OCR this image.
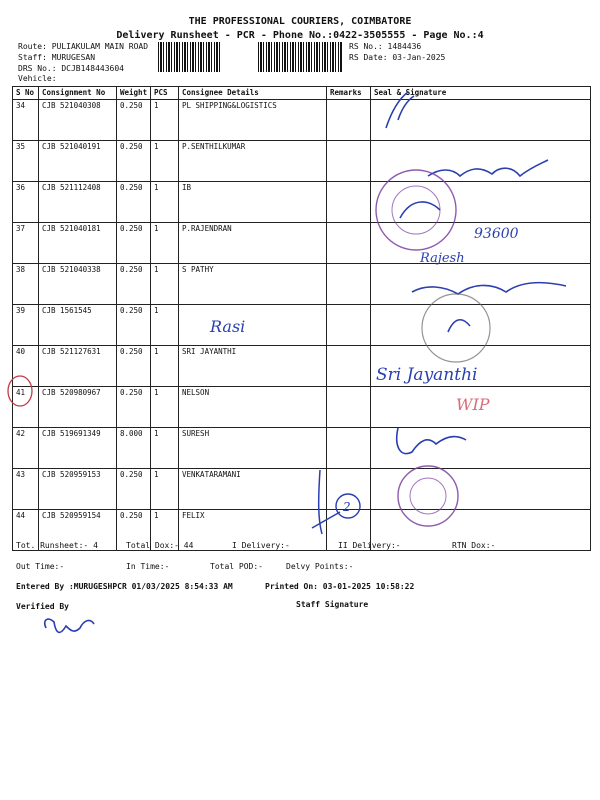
THE PROFESSIONAL COURIERS, COIMBATORE
Delivery Runsheet - PCR - Phone No.:0422-3505555 - Page No.:4
Route: PULIAKULAM MAIN ROAD
Staff: MURUGESAN
DRS No.: DCJB148443604
Vehicle:
RS No.: 1484436
RS Date: 03-Jan-2025
S No	Consignment No	Weight	PCS	Consignee Details	Remarks	Seal & Signature
34	CJB 521040308	0.250	1	PL SHIPPING&LOGISTICS		
35	CJB 521040191	0.250	1	P.SENTHILKUMAR		
36	CJB 521112408	0.250	1	IB		
37	CJB 521040181	0.250	1	P.RAJENDRAN		
38	CJB 521040338	0.250	1	S PATHY		
39	CJB 1561545	0.250	1			
40	CJB 521127631	0.250	1	SRI JAYANTHI		
41	CJB 520980967	0.250	1	NELSON		
42	CJB 519691349	8.000	1	SURESH		
43	CJB 520959153	0.250	1	VENKATARAMANI		
44	CJB 520959154	0.250	1	FELIX		
93600
Rajesh
Rasi
Sri Jayanthi
WIP
2
Tot. Runsheet:- 4	Total Dox:- 44	I Delivery:-	II Delivery:-	RTN Dox:-
Out Time:-	In Time:-	Total POD:-	Delvy Points:-
Entered By :MURUGESHPCR 01/03/2025 8:54:33 AM	Printed On: 03-01-2025 10:58:22
Verified By	Staff Signature
